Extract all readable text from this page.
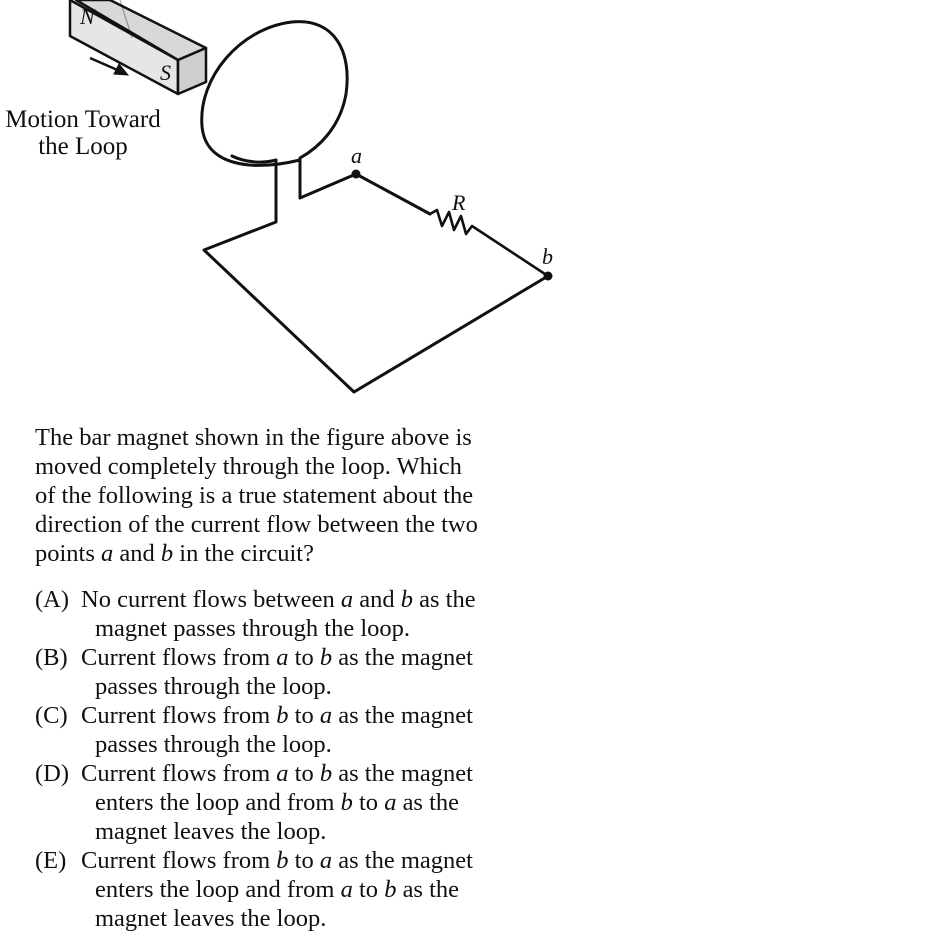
N
S
R
a
b
Motion Toward
the Loop

The bar magnet shown in the figure above is

moved completely through the loop. Which

of the following is a true statement about the

direction of the current flow between the two

points a and b in the circuit?

(A) No current flows between a and b as the
magnet passes through the loop.
(B) Current flows from a to b as the magnet
passes through the loop.
(C) Current flows from b to a as the magnet
passes through the loop.
(D) Current flows from a to b as the magnet
enters the loop and from b to a as the
magnet leaves the loop.
(E) Current flows from b to a as the magnet
enters the loop and from a to b as the
magnet leaves the loop.
